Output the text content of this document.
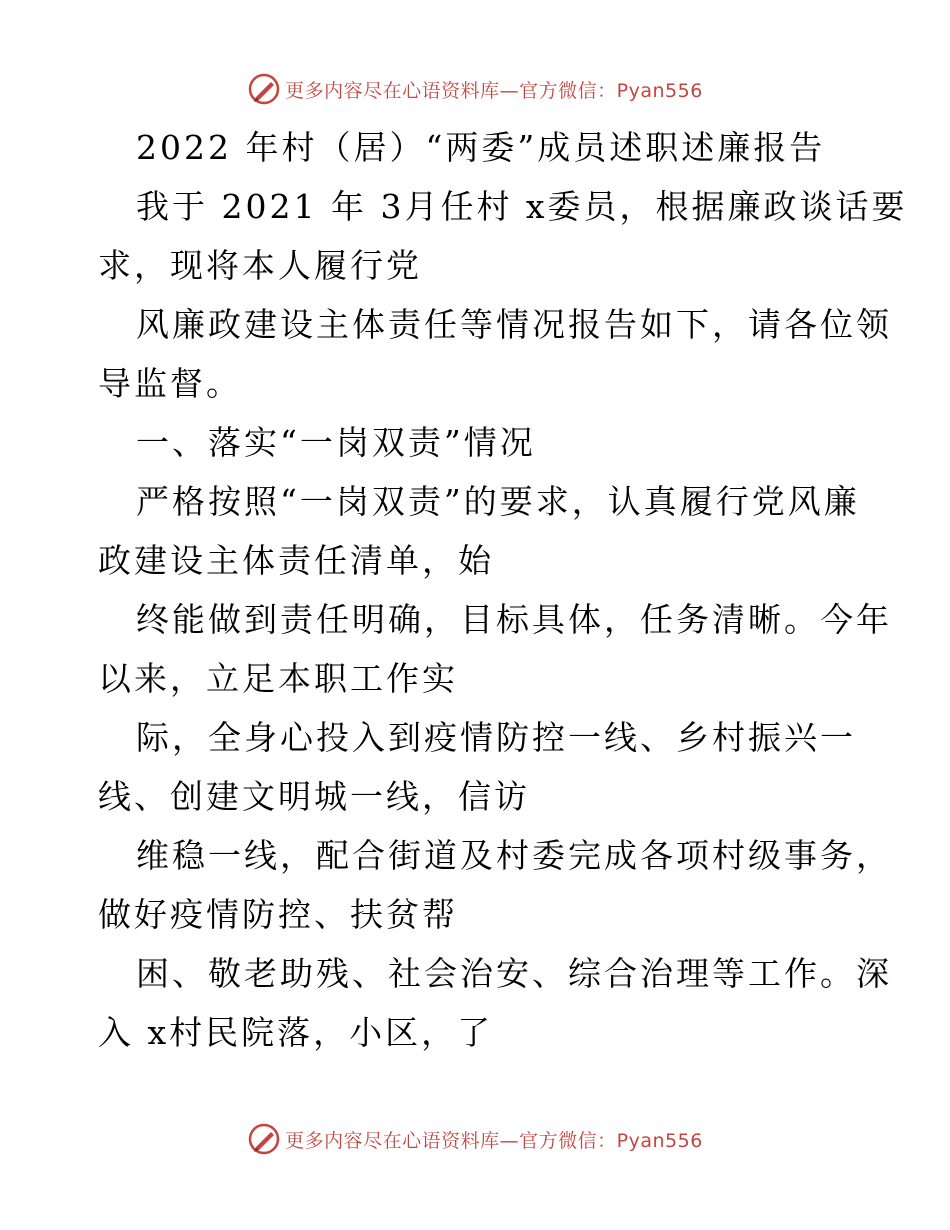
更多内容尽在心语资料库—官方微信：Pyan556
2022 年村（居）“两委”成员述职述廉报告
我于 2021 年 3月任村 x委员，根据廉政谈话要
求，现将本人履行党
风廉政建设主体责任等情况报告如下，请各位领
导监督。
一、落实“一岗双责”情况
严格按照“一岗双责”的要求，认真履行党风廉
政建设主体责任清单，始
终能做到责任明确，目标具体，任务清晰。今年
以来，立足本职工作实
际，全身心投入到疫情防控一线、乡村振兴一
线、创建文明城一线，信访
维稳一线，配合街道及村委完成各项村级事务，
做好疫情防控、扶贫帮
困、敬老助残、社会治安、综合治理等工作。深
入 x村民院落，小区，了
更多内容尽在心语资料库—官方微信：Pyan556
